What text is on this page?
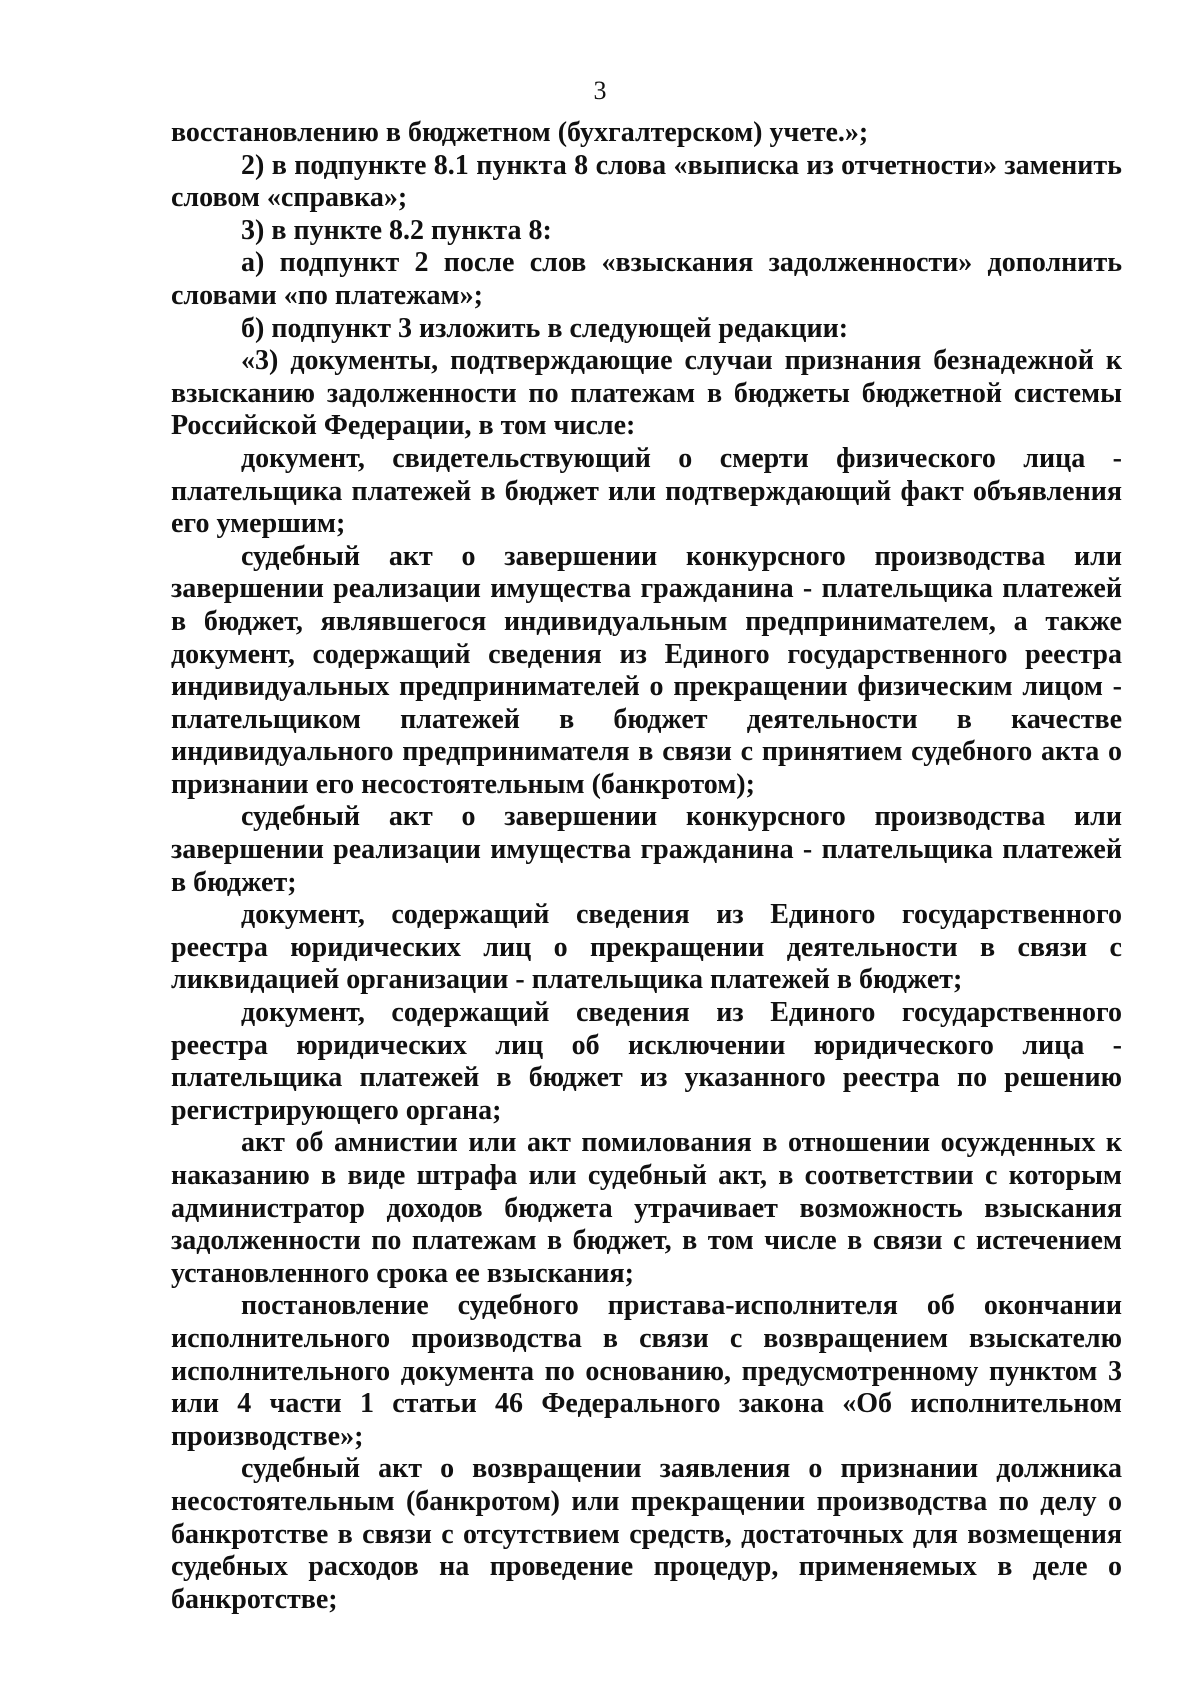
3

восстановлению в бюджетном (бухгалтерском) учете.»;

2) в подпункте 8.1 пункта 8 слова «выписка из отчетности» заменить словом «справка»;

3) в пункте 8.2 пункта 8:

а) подпункт 2 после слов «взыскания задолженности» дополнить словами «по платежам»;

б) подпункт 3 изложить в следующей редакции:

«3) документы, подтверждающие случаи признания безнадежной к взысканию задолженности по платежам в бюджеты бюджетной системы Российской Федерации, в том числе:

документ, свидетельствующий о смерти физического лица - плательщика платежей в бюджет или подтверждающий факт объявления его умершим;

судебный акт о завершении конкурсного производства или завершении реализации имущества гражданина - плательщика платежей в бюджет, являвшегося индивидуальным предпринимателем, а также документ, содержащий сведения из Единого государственного реестра индивидуальных предпринимателей о прекращении физическим лицом - плательщиком платежей в бюджет деятельности в качестве индивидуального предпринимателя в связи с принятием судебного акта о признании его несостоятельным (банкротом);

судебный акт о завершении конкурсного производства или завершении реализации имущества гражданина - плательщика платежей в бюджет;

документ, содержащий сведения из Единого государственного реестра юридических лиц о прекращении деятельности в связи с ликвидацией организации - плательщика платежей в бюджет;

документ, содержащий сведения из Единого государственного реестра юридических лиц об исключении юридического лица - плательщика платежей в бюджет из указанного реестра по решению регистрирующего органа;

акт об амнистии или акт помилования в отношении осужденных к наказанию в виде штрафа или судебный акт, в соответствии с которым администратор доходов бюджета утрачивает возможность взыскания задолженности по платежам в бюджет, в том числе в связи с истечением установленного срока ее взыскания;

постановление судебного пристава-исполнителя об окончании исполнительного производства в связи с возвращением взыскателю исполнительного документа по основанию, предусмотренному пунктом 3 или 4 части 1 статьи 46 Федерального закона «Об исполнительном производстве»;

судебный акт о возвращении заявления о признании должника несостоятельным (банкротом) или прекращении производства по делу о банкротстве в связи с отсутствием средств, достаточных для возмещения судебных расходов на проведение процедур, применяемых в деле о банкротстве;
